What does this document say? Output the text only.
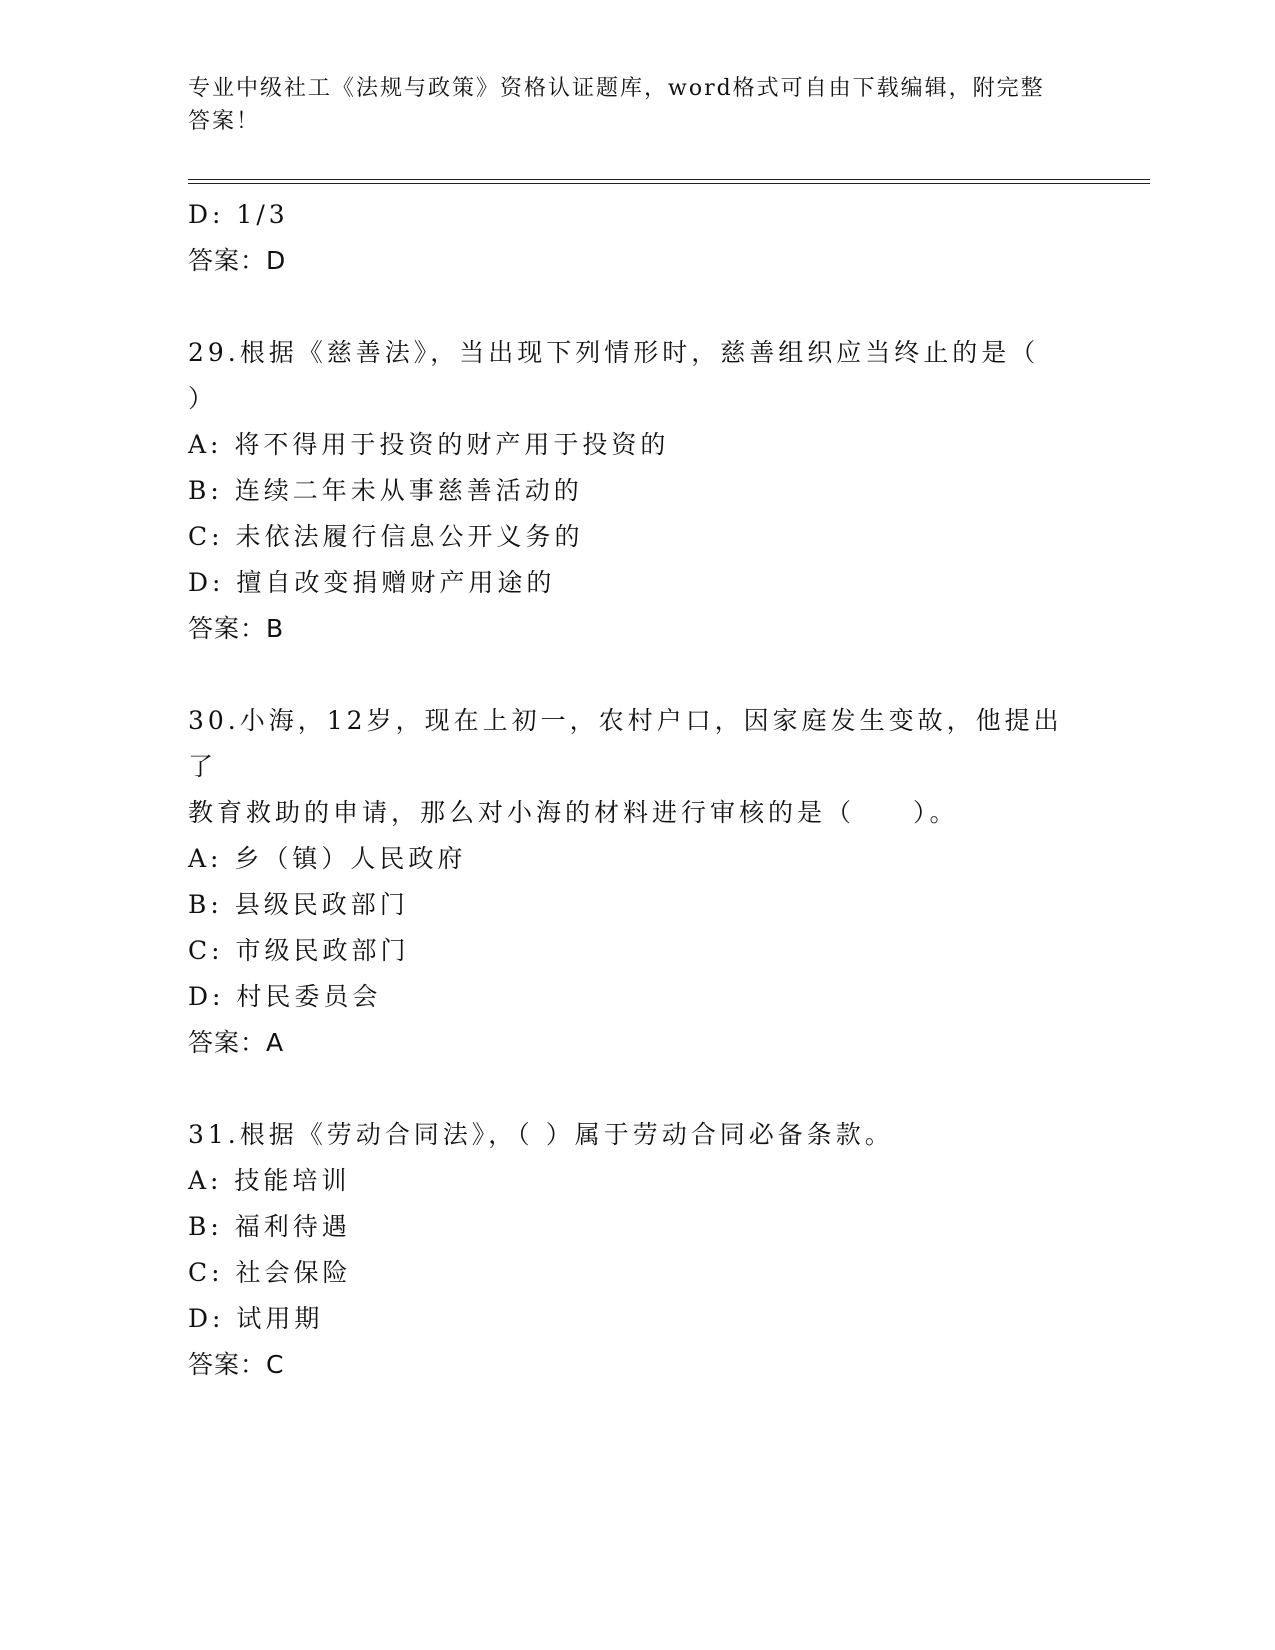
专业中级社工《法规与政策》资格认证题库，word格式可自由下载编辑，附完整
答案！
D: 1/3
答案：D
29.根据《慈善法》，当出现下列情形时，慈善组织应当终止的是（
）
A: 将不得用于投资的财产用于投资的
B: 连续二年未从事慈善活动的
C: 未依法履行信息公开义务的
D: 擅自改变捐赠财产用途的
答案：B
30.小海，12岁，现在上初一，农村户口，因家庭发生变故，他提出了
教育救助的申请，那么对小海的材料进行审核的是（　　）。
A: 乡（镇）人民政府
B: 县级民政部门
C: 市级民政部门
D: 村民委员会
答案：A
31.根据《劳动合同法》，（ ）属于劳动合同必备条款。
A: 技能培训
B: 福利待遇
C: 社会保险
D: 试用期
答案：C
